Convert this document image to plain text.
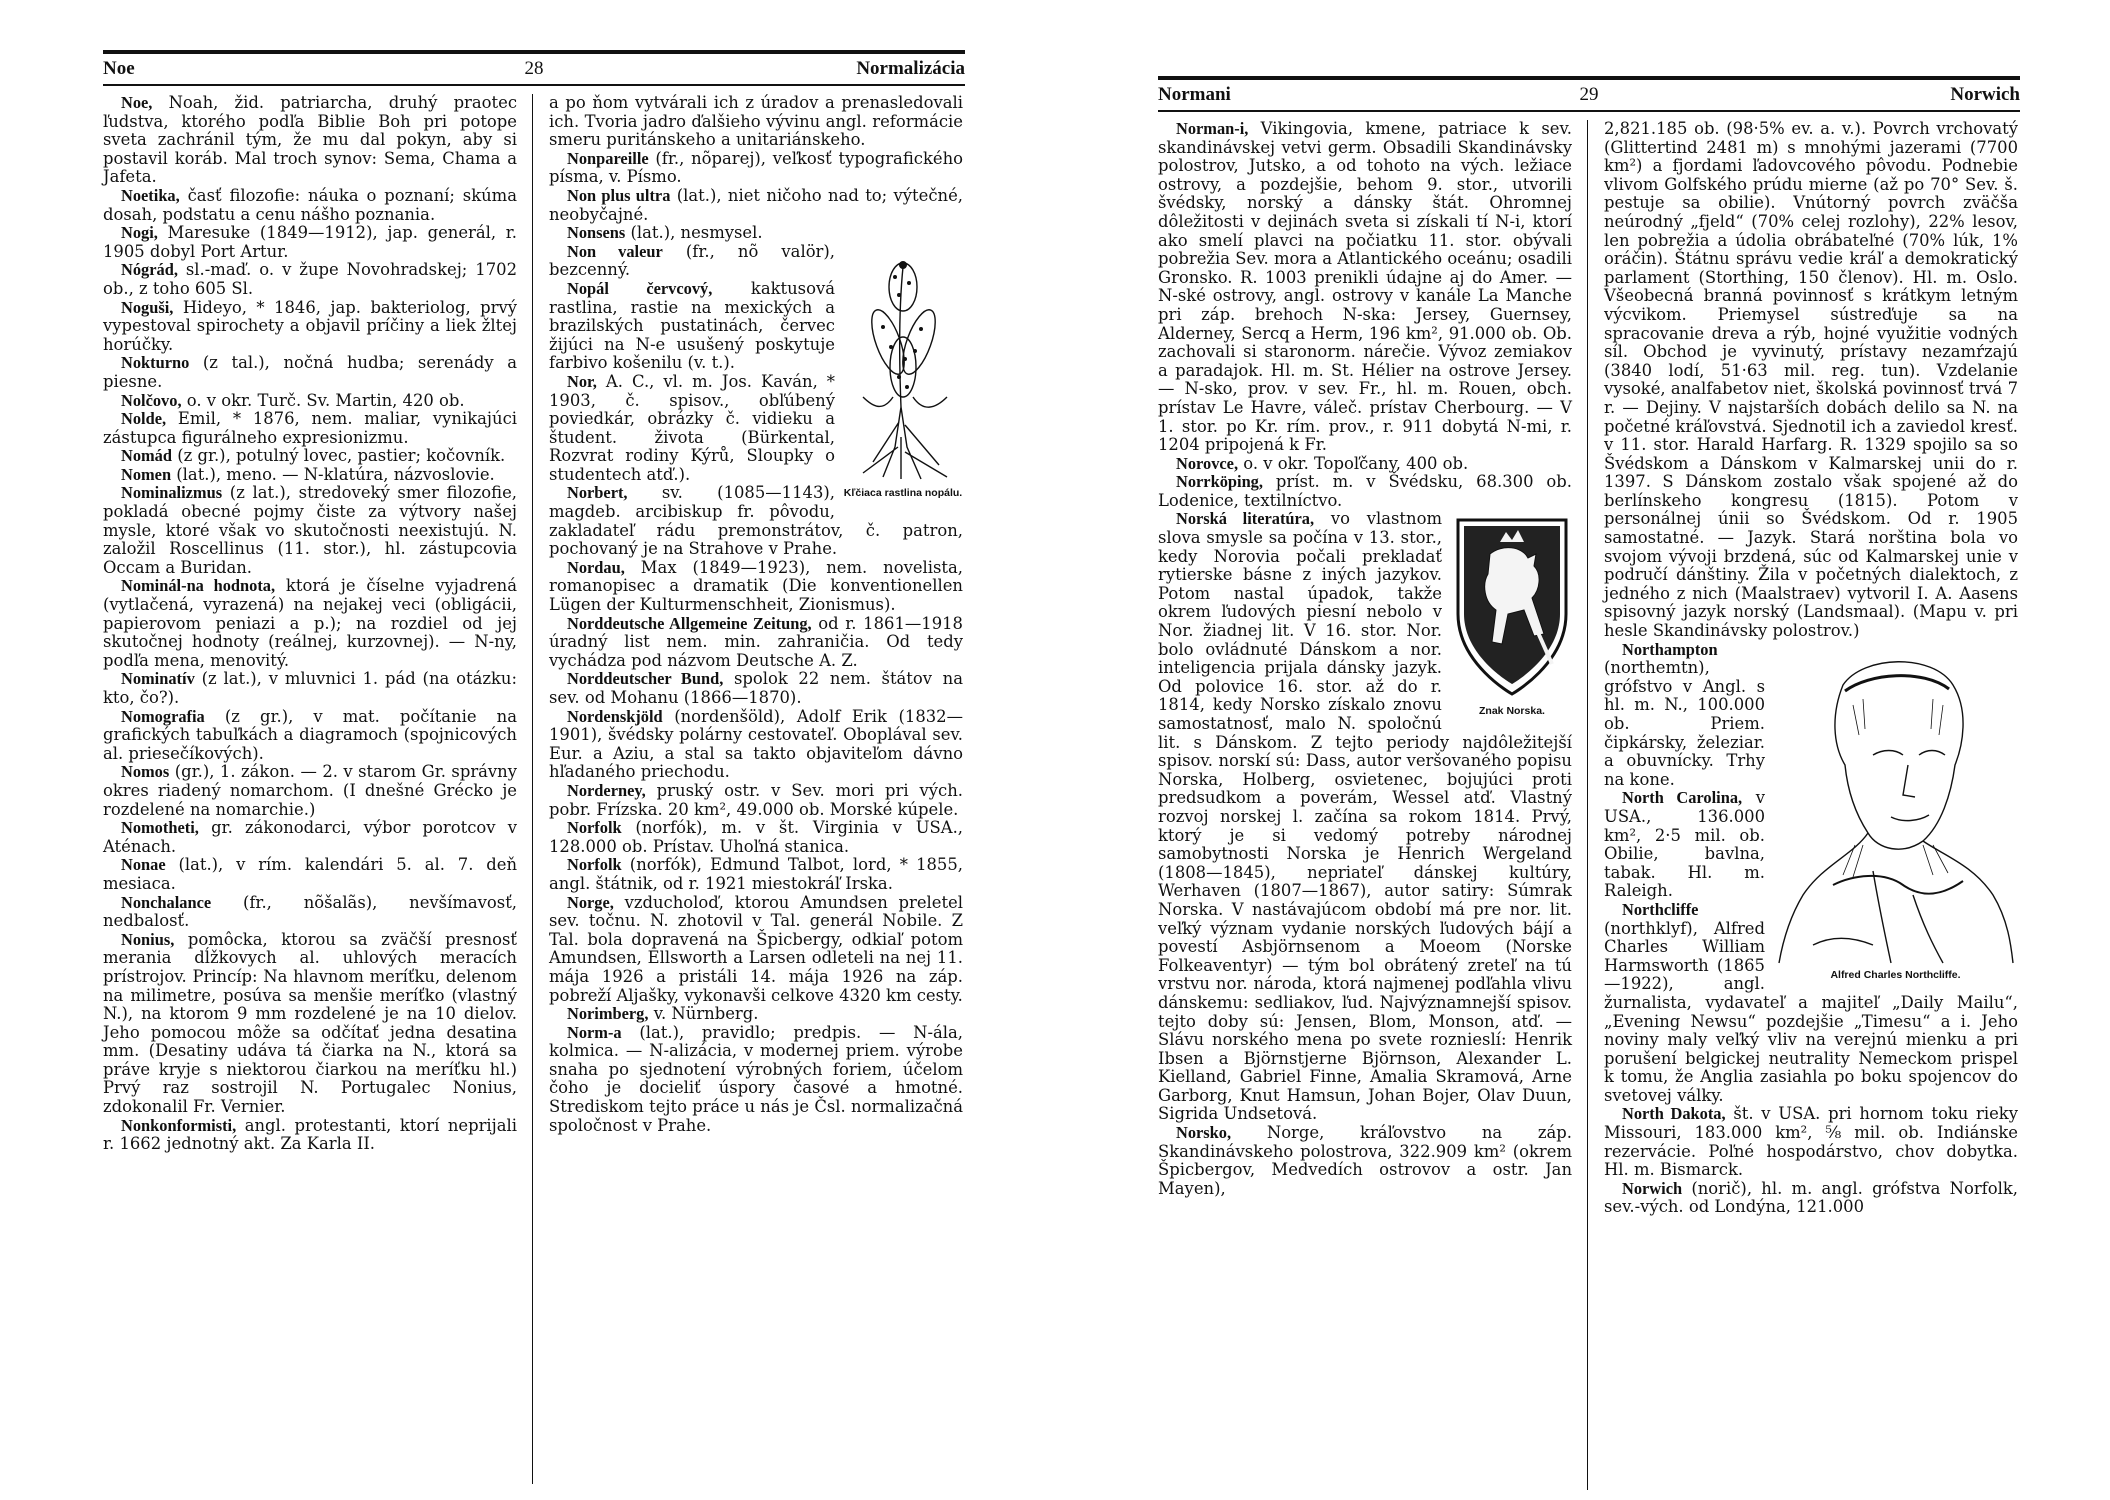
Noe	28	Normalizácia

Noe, Noah, žid. patriarcha, druhý praotec ľudstva, ktorého podľa Biblie Boh pri potope sveta zachránil tým, že mu dal pokyn, aby si postavil koráb. Mal troch synov: Sema, Chama a Jafeta.

Noetika, časť filozofie: náuka o poznaní; skúma dosah, podstatu a cenu nášho poznania.

Nogi, Maresuke (1849—1912), jap. generál, r. 1905 dobyl Port Artur.

Nógrád, sl.-maď. o. v župe Novohradskej; 1702 ob., z toho 605 Sl.

Noguši, Hideyo, * 1846, jap. bakteriolog, prvý vypestoval spirochety a objavil príčiny a liek žltej horúčky.

Nokturno (z tal.), nočná hudba; serenády a piesne.

Nolčovo, o. v okr. Turč. Sv. Martin, 420 ob.

Nolde, Emil, * 1876, nem. maliar, vynikajúci zástupca figurálneho expresionizmu.

Nomád (z gr.), potulný lovec, pastier; kočovník.

Nomen (lat.), meno. — N-klatúra, názvoslovie.

Nominalizmus (z lat.), stredoveký smer filozofie, pokladá obecné pojmy čiste za výtvory našej mysle, ktoré však vo skutočnosti neexistujú. N. založil Roscellinus (11. stor.), hl. zástupcovia Occam a Buridan.

Nominál-na hodnota, ktorá je číselne vyjadrená (vytlačená, vyrazená) na nejakej veci (obligácii, papierovom peniazi a p.); na rozdiel od jej skutočnej hodnoty (reálnej, kurzovnej). — N-ny, podľa mena, menovitý.

Nominatív (z lat.), v mluvnici 1. pád (na otázku: kto, čo?).

Nomografia (z gr.), v mat. počítanie na grafických tabuľkách a diagramoch (spojnicových al. priesečíkových).

Nomos (gr.), 1. zákon. — 2. v starom Gr. správny okres riadený nomarchom. (I dnešné Grécko je rozdelené na nomarchie.)

Nomotheti, gr. zákonodarci, výbor porotcov v Aténach.

Nonae (lat.), v rím. kalendári 5. al. 7. deň mesiaca.

Nonchalance (fr., nõšalãs), nevšímavosť, nedbalosť.

Nonius, pomôcka, ktorou sa zväčší presnosť merania dĺžkovych al. uhlových meracích prístrojov. Princíp: Na hlavnom meríťku, delenom na milimetre, posúva sa menšie meríťko (vlastný N.), na ktorom 9 mm rozdelené je na 10 dielov. Jeho pomocou môže sa odčítať jedna desatina mm. (Desatiny udáva tá čiarka na N., ktorá sa práve kryje s niektorou čiarkou na meríťku hl.) Prvý raz sostrojil N. Portugalec Nonius, zdokonalil Fr. Vernier.

Nonkonformisti, angl. protestanti, ktorí neprijali r. 1662 jednotný akt. Za Karla II.

a po ňom vytvárali ich z úradov a prenasledovali ich. Tvoria jadro ďalšieho vývinu angl. reformácie smeru puritánskeho a unitariánskeho.

Nonpareille (fr., nõparej), veľkosť typografického písma, v. Písmo.

Non plus ultra (lat.), niet ničoho nad to; výtečné, neobyčajné.

Nonsens (lat.), nesmysel.

Kľčiaca rastlina nopálu.

Non valeur (fr., nõ valör), bezcenný.

Nopál červcový, kaktusová rastlina, rastie na mexických a brazilských pustatinách, červec žijúci na N-e usušený poskytuje farbivo košenilu (v. t.).

Nor, A. C., vl. m. Jos. Kaván, * 1903, č. spisov., obľúbený poviedkár, obrázky č. vidieku a študent. života (Bürkental, Rozvrat rodiny Kýrů, Sloupky o studentech atď.).

Norbert, sv. (1085—1143), magdeb. arcibiskup fr. pôvodu, zakladateľ rádu premonstrátov, č. patron, pochovaný je na Strahove v Prahe.

Nordau, Max (1849—1923), nem. novelista, romanopisec a dramatik (Die konventionellen Lügen der Kulturmenschheit, Zionismus).

Norddeutsche Allgemeine Zeitung, od r. 1861—1918 úradný list nem. min. zahraničia. Od tedy vychádza pod názvom Deutsche A. Z.

Norddeutscher Bund, spolok 22 nem. štátov na sev. od Mohanu (1866—1870).

Nordenskjöld (nordenšöld), Adolf Erik (1832—1901), švédsky polárny cestovateľ. Oboplával sev. Eur. a Aziu, a stal sa takto objaviteľom dávno hľadaného priechodu.

Norderney, pruský ostr. v Sev. mori pri vých. pobr. Frízska. 20 km², 49.000 ob. Morské kúpele.

Norfolk (norfók), m. v št. Virginia v USA., 128.000 ob. Prístav. Uhoľná stanica.

Norfolk (norfók), Edmund Talbot, lord, * 1855, angl. štátnik, od r. 1921 miestokráľ Irska.

Norge, vzducholoď, ktorou Amundsen preletel sev. točnu. N. zhotovil v Tal. generál Nobile. Z Tal. bola dopravená na Špicbergy, odkiaľ potom Amundsen, Ellsworth a Larsen odleteli na nej 11. mája 1926 a pristáli 14. mája 1926 na záp. pobreží Aljašky, vykonavši celkove 4320 km cesty.

Norimberg, v. Nürnberg.

Norm-a (lat.), pravidlo; predpis. — N-ála, kolmica. — N-alizácia, v modernej priem. výrobe snaha po sjednotení výrobných foriem, účelom čoho je docieliť úspory časové a hmotné. Strediskom tejto práce u nás je Čsl. normalizačná spoločnost v Prahe.

Normani	29	Norwich

Norman-i, Vikingovia, kmene, patriace k sev. skandinávskej vetvi germ. Obsadili Skandinávsky polostrov, Jutsko, a od tohoto na vých. ležiace ostrovy, a pozdejšie, behom 9. stor., utvorili švédsky, norský a dánsky štát. Ohromnej dôležitosti v dejinách sveta si získali tí N-i, ktorí ako smelí plavci na počiatku 11. stor. obývali pobrežia Sev. mora a Atlantického oceánu; osadili Gronsko. R. 1003 prenikli údajne aj do Amer. — N-ské ostrovy, angl. ostrovy v kanále La Manche pri záp. brehoch N-ska: Jersey, Guernsey, Alderney, Sercq a Herm, 196 km², 91.000 ob. Ob. zachovali si staronorm. nárečie. Vývoz zemiakov a paradajok. Hl. m. St. Hélier na ostrove Jersey. — N-sko, prov. v sev. Fr., hl. m. Rouen, obch. prístav Le Havre, váleč. prístav Cherbourg. — V 1. stor. po Kr. rím. prov., r. 911 dobytá N-mi, r. 1204 pripojená k Fr.

Norovce, o. v okr. Topoľčany, 400 ob.

Norrköping, príst. m. v Švédsku, 68.300 ob. Lodenice, textilníctvo.

Znak Norska.

Norská literatúra, vo vlastnom slova smysle sa počína v 13. stor., kedy Norovia počali prekladať rytierske básne z iných jazykov. Potom nastal úpadok, takže okrem ľudových piesní nebolo v Nor. žiadnej lit. V 16. stor. Nor. bolo ovládnuté Dánskom a nor. inteligencia prijala dánsky jazyk. Od polovice 16. stor. až do r. 1814, kedy Norsko získalo znovu samostatnosť, malo N. spoločnú lit. s Dánskom. Z tejto periody najdôležitejší spisov. norskí sú: Dass, autor veršovaného popisu Norska, Holberg, osvietenec, bojujúci proti predsudkom a poverám, Wessel atď. Vlastný rozvoj norskej l. začína sa rokom 1814. Prvý, ktorý je si vedomý potreby národnej samobytnosti Norska je Henrich Wergeland (1808—1845), nepriateľ dánskej kultúry, Werhaven (1807—1867), autor satiry: Súmrak Norska. V nastávajúcom období má pre nor. lit. veľký význam vydanie norských ľudových bájí a povestí Asbjörnsenom a Moeom (Norske Folkeaventyr) — tým bol obrátený zreteľ na tú vrstvu nor. národa, ktorá najmenej podľahla vlivu dánskemu: sedliakov, ľud. Najvýznamnejší spisov. tejto doby sú: Jensen, Blom, Monson, atď. — Slávu norského mena po svete roznieslí: Henrik Ibsen a Björnstjerne Björnson, Alexander L. Kielland, Gabriel Finne, Amalia Skramová, Arne Garborg, Knut Hamsun, Johan Bojer, Olav Duun, Sigrida Undsetová.

Norsko, Norge, kráľovstvo na záp. Skandinávskeho polostrova, 322.909 km² (okrem Špicbergov, Medvedích ostrovov a ostr. Jan Mayen),

2,821.185 ob. (98·5% ev. a. v.). Povrch vrchovatý (Glittertind 2481 m) s mnohými jazerami (7700 km²) a fjordami ľadovcového pôvodu. Podnebie vlivom Golfského prúdu mierne (až po 70° Sev. š. pestuje sa obilie). Vnútorný povrch zväčša neúrodný „fjeld“ (70% celej rozlohy), 22% lesov, len pobrežia a údolia obrábateľné (70% lúk, 1% oráčin). Štátnu správu vedie kráľ a demokratický parlament (Storthing, 150 členov). Hl. m. Oslo. Všeobecná branná povinnosť s krátkym letným výcvikom. Priemysel sústreďuje sa na spracovanie dreva a rýb, hojné využitie vodných síl. Obchod je vyvinutý, prístavy nezamŕzajú (3840 lodí, 51·63 mil. reg. tun). Vzdelanie vysoké, analfabetov niet, školská povinnosť trvá 7 r. — Dejiny. V najstarších dobách delilo sa N. na početné kráľovstvá. Sjednotil ich a zaviedol kresť. v 11. stor. Harald Harfarg. R. 1329 spojilo sa so Švédskom a Dánskom v Kalmarskej unii do r. 1397. S Dánskom zostalo však spojené až do berlínskeho kongresu (1815). Potom v personálnej únii so Švédskom. Od r. 1905 samostatné. — Jazyk. Stará norština bola vo svojom vývoji brzdená, súc od Kalmarskej unie v područí dánštiny. Žila v početných dialektoch, z jedného z nich (Maalstraev) vytvoril I. A. Aasens spisovný jazyk norský (Landsmaal). (Mapu v. pri hesle Skandinávsky polostrov.)

Alfred Charles Northcliffe.

Northampton (northemtn), grófstvo v Angl. s hl. m. N., 100.000 ob. Priem. čipkársky, železiar. a obuvnícky. Trhy na kone.

North Carolina, v USA., 136.000 km², 2·5 mil. ob. Obilie, bavlna, tabak. Hl. m. Raleigh.

Northcliffe (northklyf), Alfred Charles William Harmsworth (1865—1922), angl. žurnalista, vydavateľ a majiteľ „Daily Mailu“, „Evening Newsu“ pozdejšie „Timesu“ a i. Jeho noviny maly veľký vliv na verejnú mienku a pri porušení belgickej neutrality Nemeckom prispel k tomu, že Anglia zasiahla po boku spojencov do svetovej války.

North Dakota, št. v USA. pri hornom toku rieky Missouri, 183.000 km², ⅝ mil. ob. Indiánske rezervácie. Poľné hospodárstvo, chov dobytka. Hl. m. Bismarck.

Norwich (norič), hl. m. angl. grófstva Norfolk, sev.-vých. od Londýna, 121.000
